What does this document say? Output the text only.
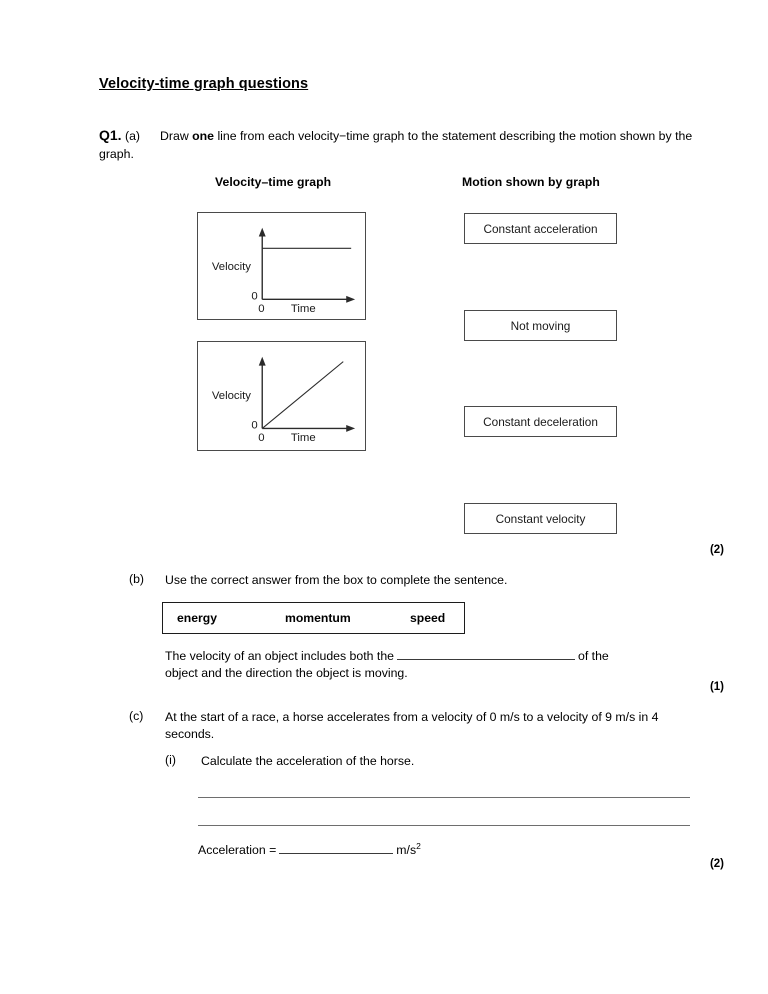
Velocity-time graph questions
Q1. (a) Draw one line from each velocity−time graph to the statement describing the motion shown by the graph.
Velocity–time graph	Motion shown by graph
Velocity
0
0 Time
Velocity
0
0 Time
Constant acceleration
Not moving
Constant deceleration
Constant velocity
(2)
(b) Use the correct answer from the box to complete the sentence.
energy	momentum	speed
The velocity of an object includes both the	of the
object and the direction the object is moving.
(1)
(c) At the start of a race, a horse accelerates from a velocity of 0 m/s to a velocity of 9 m/s in 4 seconds.
(i) Calculate the acceleration of the horse.
Acceleration =	$m/s^2$
(2)
